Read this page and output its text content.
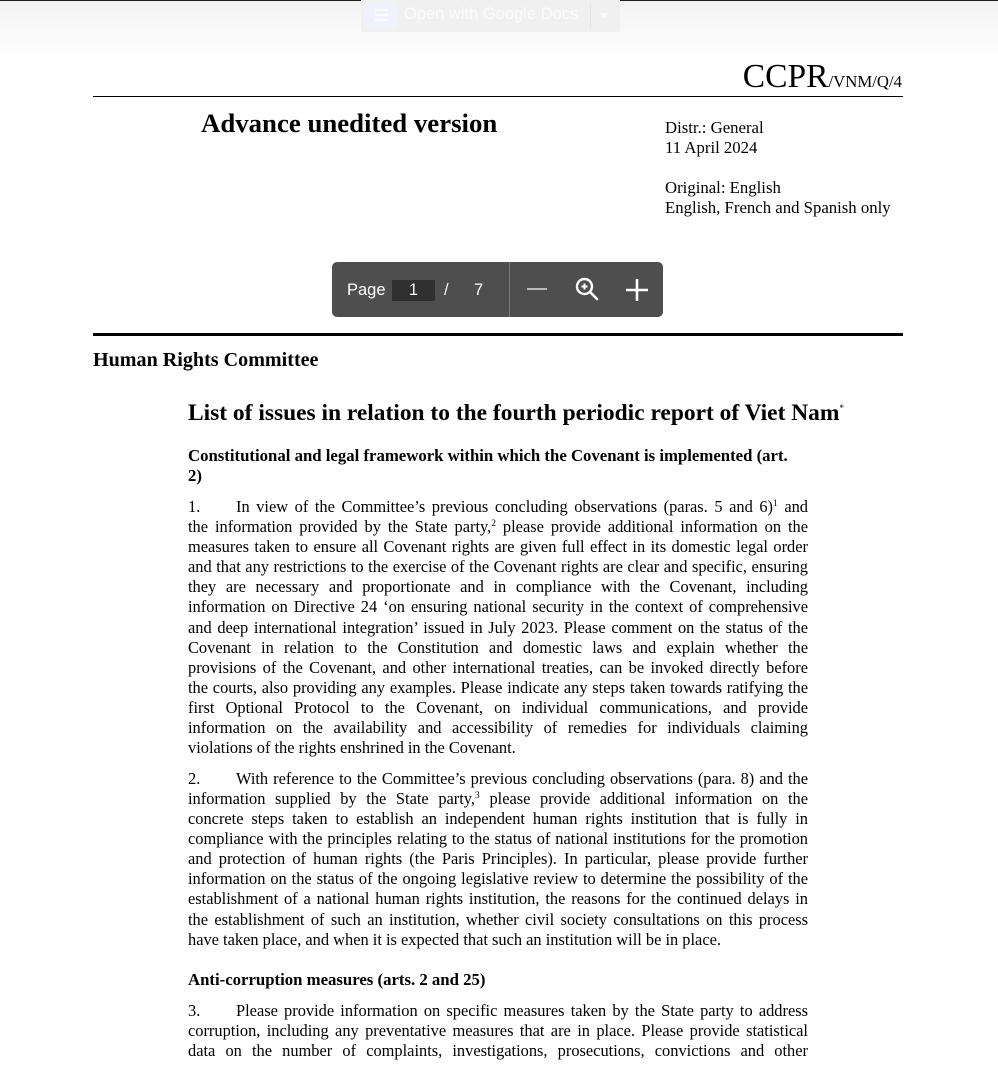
Open with Google Docs
CCPR/VNM/Q/4
Advance unedited version	Distr.: General
11 April 2024
Original: English
English, French and Spanish only
Human Rights Committee
List of issues in relation to the fourth periodic report of Viet Nam*
Constitutional and legal framework within which the Covenant is implemented (art.
2)
1. In view of the Committee’s previous concluding observations (paras. 5 and 6)$^1$ and
the information provided by the State party,$^2$ please provide additional information on the
measures taken to ensure all Covenant rights are given full effect in its domestic legal order
and that any restrictions to the exercise of the Covenant rights are clear and specific, ensuring
they are necessary and proportionate and in compliance with the Covenant, including
information on Directive 24 ‘on ensuring national security in the context of comprehensive
and deep international integration’ issued in July 2023. Please comment on the status of the
Covenant in relation to the Constitution and domestic laws and explain whether the
provisions of the Covenant, and other international treaties, can be invoked directly before
the courts, also providing any examples. Please indicate any steps taken towards ratifying the
first Optional Protocol to the Covenant, on individual communications, and provide
information on the availability and accessibility of remedies for individuals claiming
violations of the rights enshrined in the Covenant.
2. With reference to the Committee’s previous concluding observations (para. 8) and the
information supplied by the State party,$^3$ please provide additional information on the
concrete steps taken to establish an independent human rights institution that is fully in
compliance with the principles relating to the status of national institutions for the promotion
and protection of human rights (the Paris Principles). In particular, please provide further
information on the status of the ongoing legislative review to determine the possibility of the
establishment of a national human rights institution, the reasons for the continued delays in
the establishment of such an institution, whether civil society consultations on this process
have taken place, and when it is expected that such an institution will be in place.
Anti-corruption measures (arts. 2 and 25)
3. Please provide information on specific measures taken by the State party to address
corruption, including any preventative measures that are in place. Please provide statistical
data on the number of complaints, investigations, prosecutions, convictions and other
Page	1	/ 7
